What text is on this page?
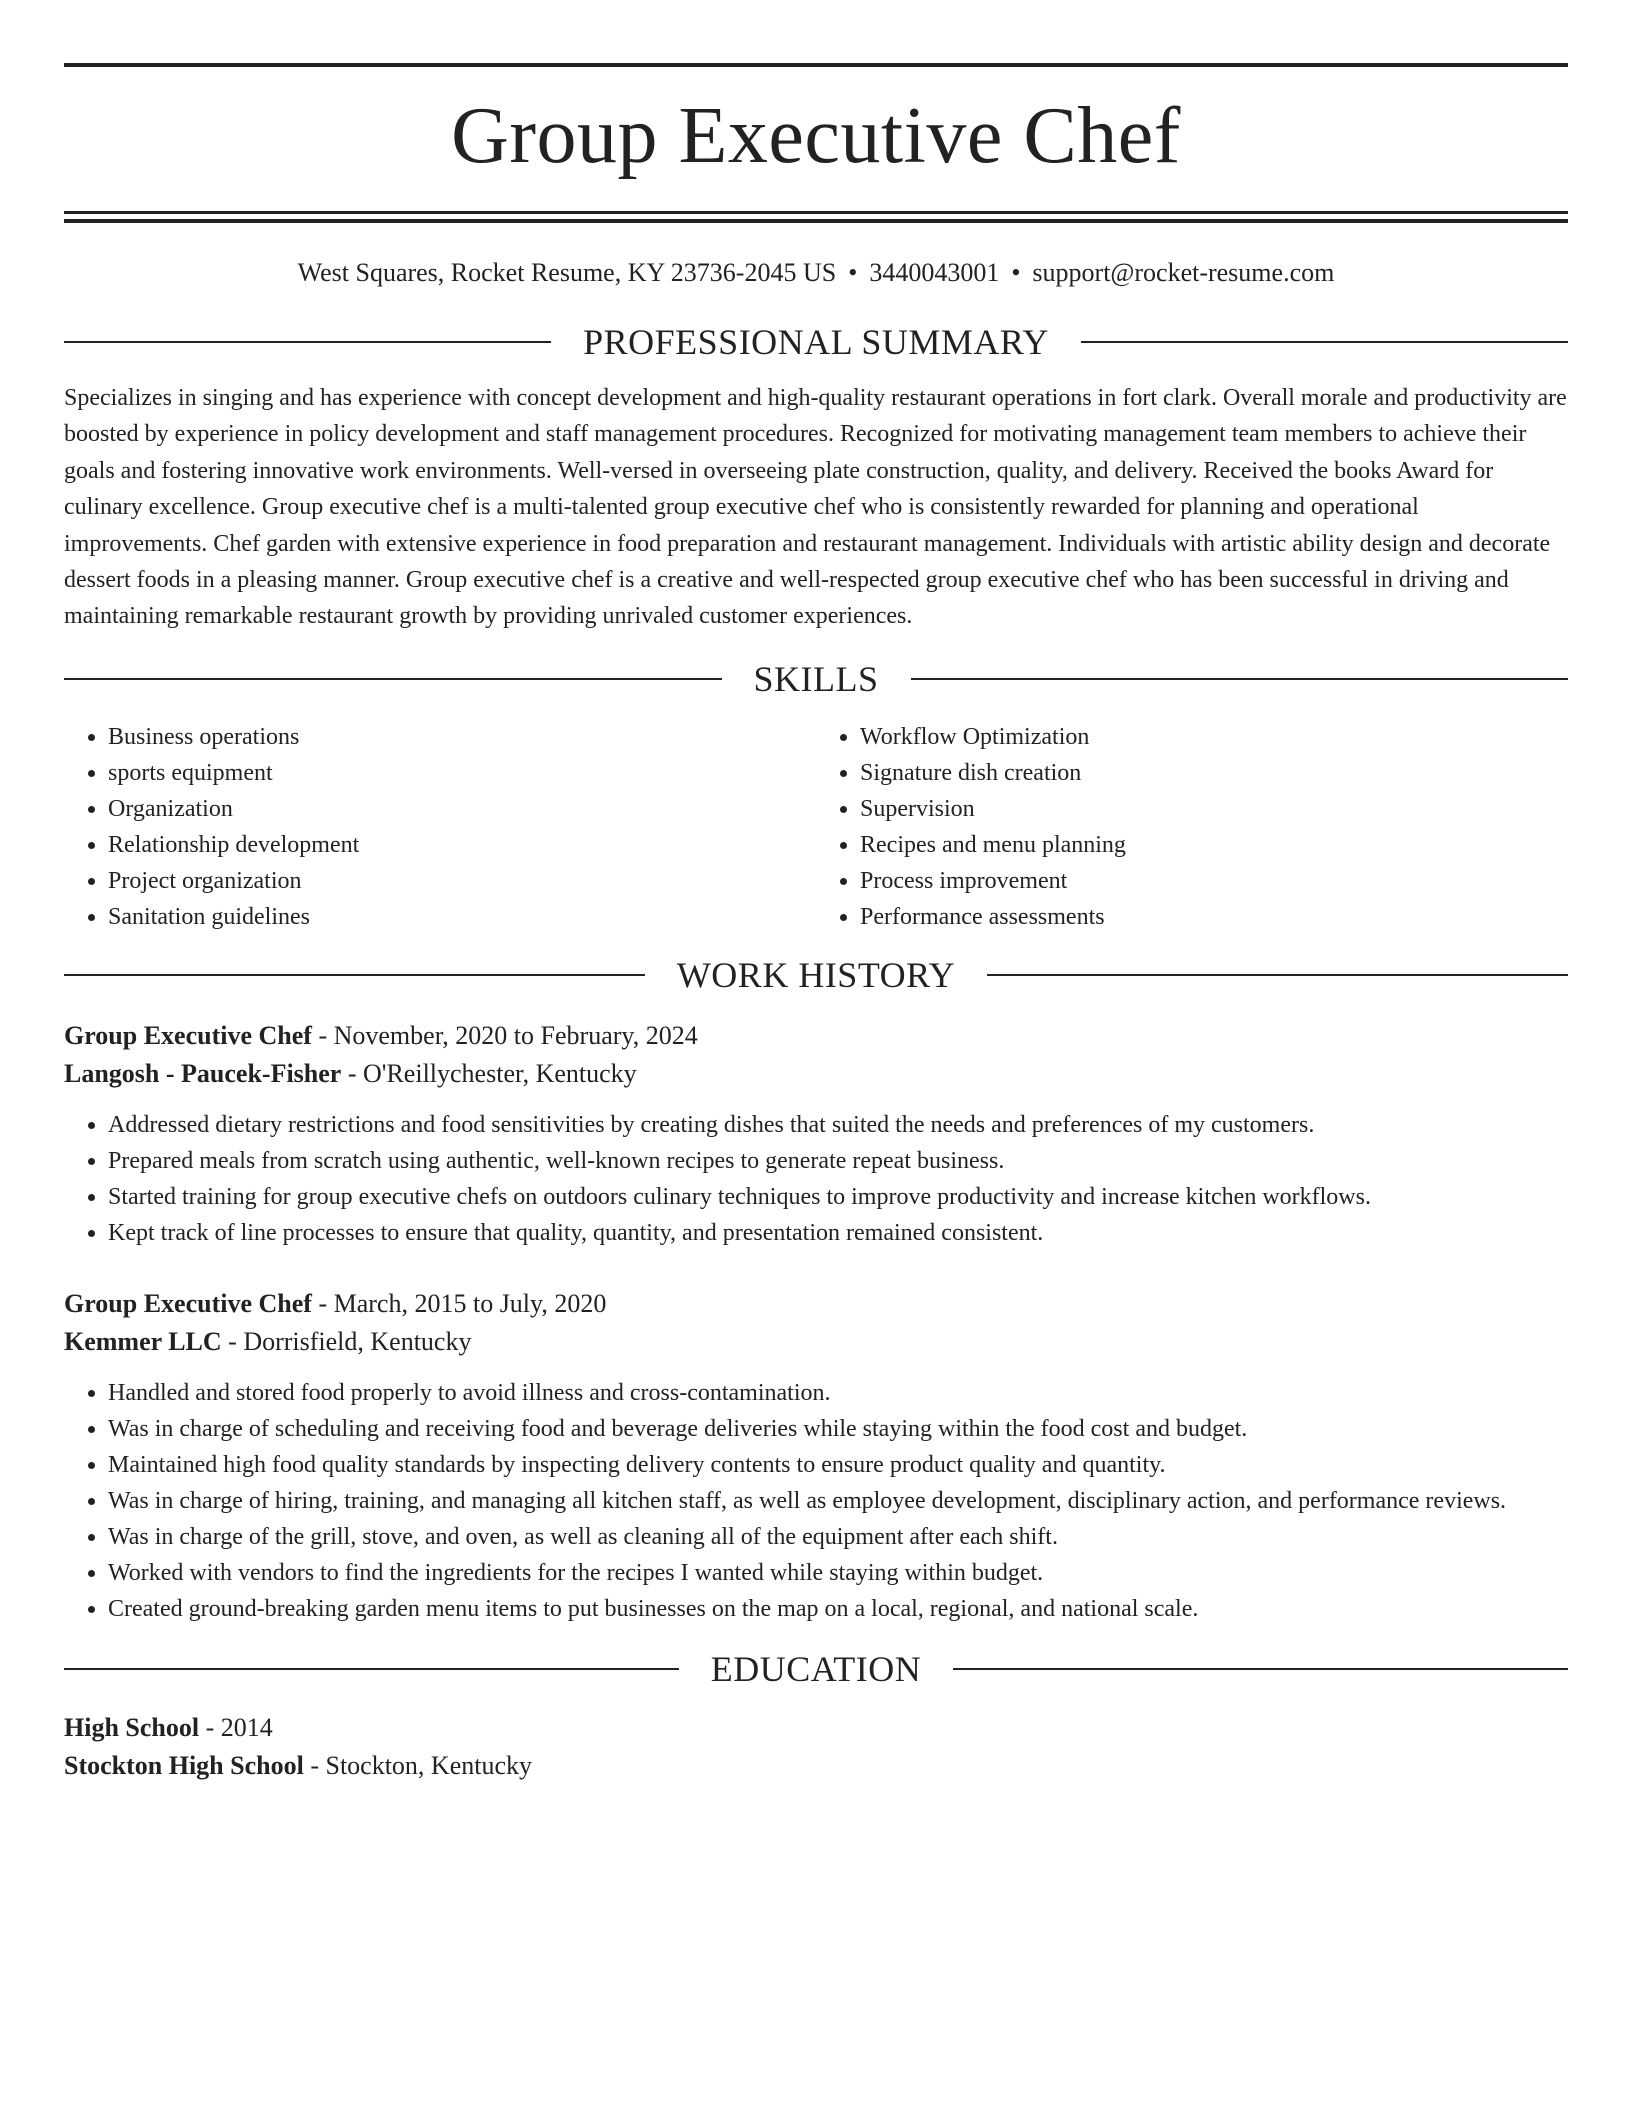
Group Executive Chef
West Squares, Rocket Resume, KY 23736-2045 US • 3440043001 • support@rocket-resume.com
PROFESSIONAL SUMMARY

Specializes in singing and has experience with concept development and high-quality restaurant operations in fort clark. Overall morale and productivity are boosted by experience in policy development and staff management procedures. Recognized for motivating management team members to achieve their goals and fostering innovative work environments. Well-versed in overseeing plate construction, quality, and delivery. Received the books Award for culinary excellence. Group executive chef is a multi-talented group executive chef who is consistently rewarded for planning and operational improvements. Chef garden with extensive experience in food preparation and restaurant management. Individuals with artistic ability design and decorate dessert foods in a pleasing manner. Group executive chef is a creative and well-respected group executive chef who has been successful in driving and maintaining remarkable restaurant growth by providing unrivaled customer experiences.

SKILLS
• Business operations
• sports equipment
• Organization
• Relationship development
• Project organization
• Sanitation guidelines
• Workflow Optimization
• Signature dish creation
• Supervision
• Recipes and menu planning
• Process improvement
• Performance assessments
WORK HISTORY

Group Executive Chef - November, 2020 to February, 2024

Langosh - Paucek-Fisher - O'Reillychester, Kentucky

• Addressed dietary restrictions and food sensitivities by creating dishes that suited the needs and preferences of my customers.
• Prepared meals from scratch using authentic, well-known recipes to generate repeat business.
• Started training for group executive chefs on outdoors culinary techniques to improve productivity and increase kitchen workflows.
• Kept track of line processes to ensure that quality, quantity, and presentation remained consistent.

Group Executive Chef - March, 2015 to July, 2020

Kemmer LLC - Dorrisfield, Kentucky

• Handled and stored food properly to avoid illness and cross-contamination.
• Was in charge of scheduling and receiving food and beverage deliveries while staying within the food cost and budget.
• Maintained high food quality standards by inspecting delivery contents to ensure product quality and quantity.
• Was in charge of hiring, training, and managing all kitchen staff, as well as employee development, disciplinary action, and performance reviews.
• Was in charge of the grill, stove, and oven, as well as cleaning all of the equipment after each shift.
• Worked with vendors to find the ingredients for the recipes I wanted while staying within budget.
• Created ground-breaking garden menu items to put businesses on the map on a local, regional, and national scale.
EDUCATION

High School - 2014

Stockton High School - Stockton, Kentucky
